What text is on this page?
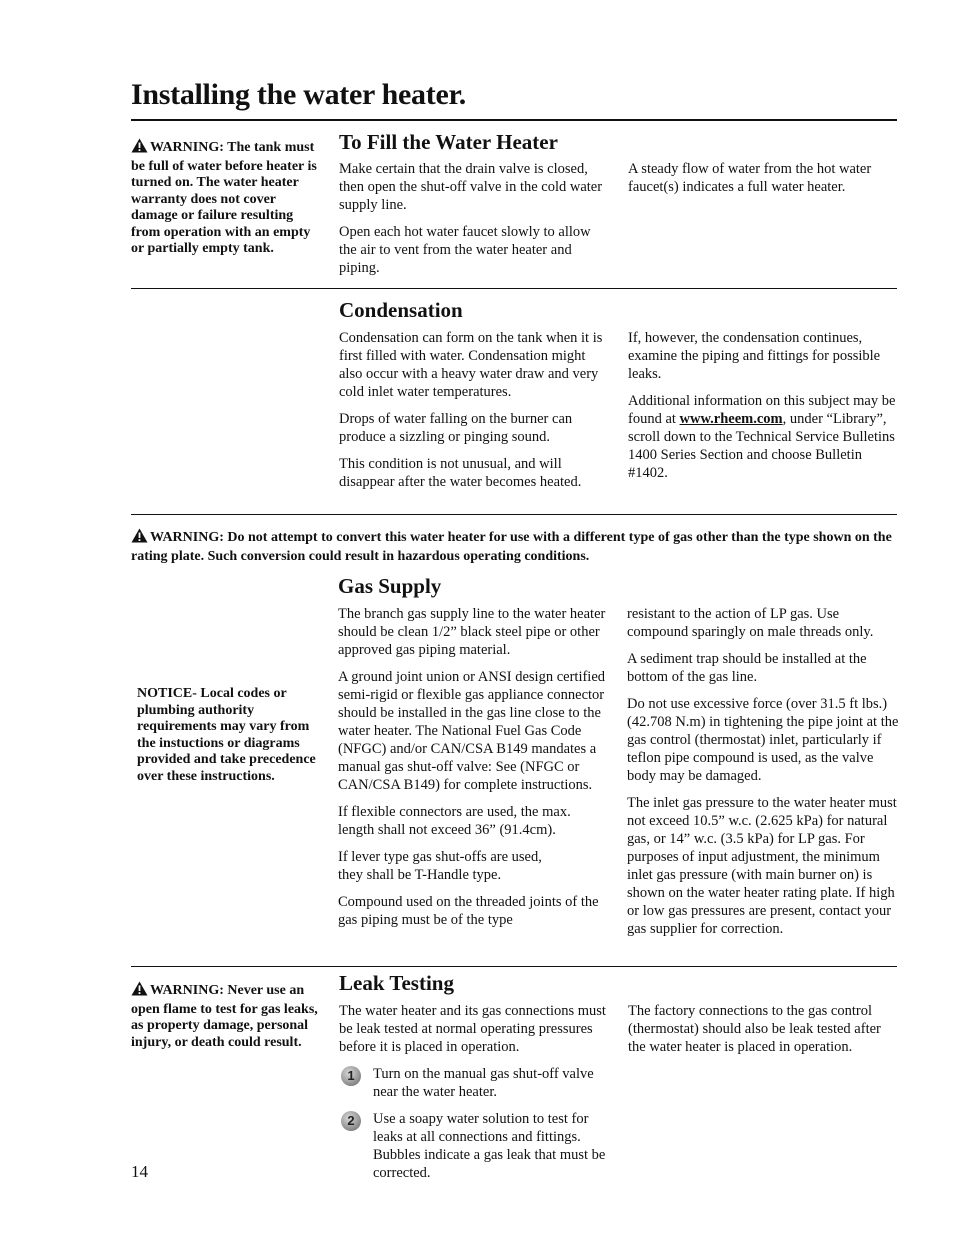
Installing the water heater.
WARNING: The tank must be full of water before heater is turned on. The water heater warranty does not cover damage or failure resulting from operation with an empty or partially empty tank.
To Fill the Water Heater

Make certain that the drain valve is closed, then open the shut-off valve in the cold water supply line.

Open each hot water faucet slowly to allow the air to vent from the water heater and piping.

A steady flow of water from the hot water faucet(s) indicates a full water heater.

Condensation

Condensation can form on the tank when it is first filled with water. Condensation might also occur with a heavy water draw and very cold inlet water temperatures.

Drops of water falling on the burner can produce a sizzling or pinging sound.

This condition is not unusual, and will disappear after the water becomes heated.

If, however, the condensation continues, examine the piping and fittings for possible leaks.

Additional information on this subject may be found at www.rheem.com, under “Library”, scroll down to the Technical Service Bulletins 1400 Series Section and choose Bulletin #1402.

WARNING: Do not attempt to convert this water heater for use with a different type of gas other than the type shown on the rating plate. Such conversion could result in hazardous operating conditions.
Gas Supply
NOTICE- Local codes or plumbing authority requirements may vary from the instuctions or diagrams provided and take precedence over these instructions.

The branch gas supply line to the water heater should be clean 1/2” black steel pipe or other approved gas piping material.

A ground joint union or ANSI design certified semi-rigid or flexible gas appliance connector should be installed in the gas line close to the water heater. The National Fuel Gas Code (NFGC) and/or CAN/CSA B149 mandates a manual gas shut-off valve: See (NFGC or CAN/CSA B149) for complete instructions.

If flexible connectors are used, the max. length shall not exceed 36” (91.4cm).

If lever type gas shut-offs are used,
they shall be T-Handle type.

Compound used on the threaded joints of the gas piping must be of the type

resistant to the action of LP gas. Use compound sparingly on male threads only.

A sediment trap should be installed at the bottom of the gas line.

Do not use excessive force (over 31.5 ft lbs.) (42.708 N.m) in tightening the pipe joint at the gas control (thermostat) inlet, particularly if teflon pipe compound is used, as the valve body may be damaged.

The inlet gas pressure to the water heater must not exceed 10.5” w.c. (2.625 kPa) for natural gas, or 14” w.c. (3.5 kPa) for LP gas. For purposes of input adjustment, the minimum inlet gas pressure (with main burner on) is shown on the water heater rating plate. If high or low gas pressures are present, contact your gas supplier for correction.

WARNING: Never use an open flame to test for gas leaks, as property damage, personal injury, or death could result.
Leak Testing

The water heater and its gas connections must be leak tested at normal operating pressures before it is placed in operation.

1	Turn on the manual gas shut-off valve near the water heater.
2	Use a soapy water solution to test for leaks at all connections and fittings. Bubbles indicate a gas leak that must be corrected.

The factory connections to the gas control (thermostat) should also be leak tested after the water heater is placed in operation.

14
